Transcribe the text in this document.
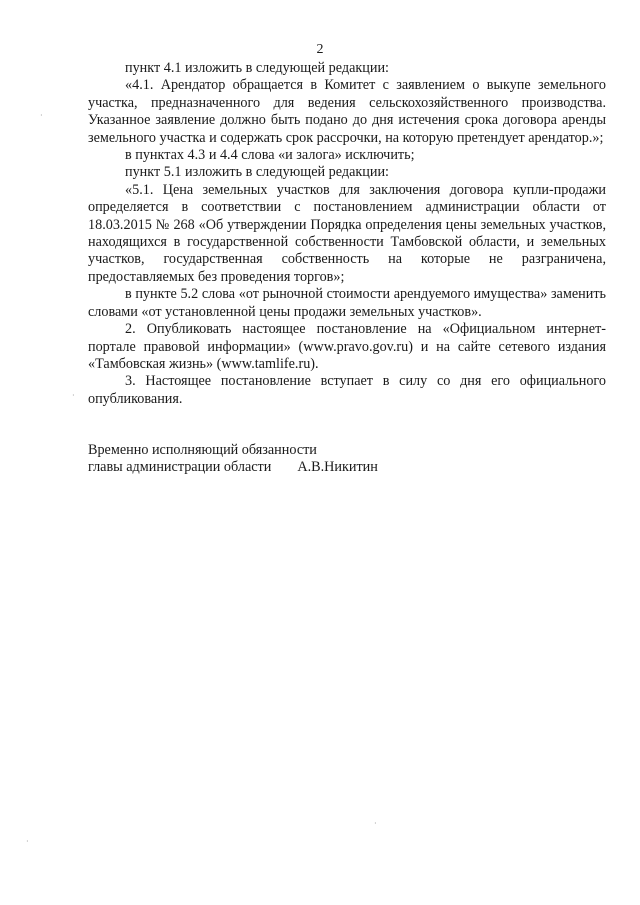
2

пункт 4.1 изложить в следующей редакции:

«4.1. Арендатор обращается в Комитет с заявлением о выкупе земельного участка, предназначенного для ведения сельскохозяйственного производства. Указанное заявление должно быть подано до дня истечения срока договора аренды земельного участка и содержать срок рассрочки, на которую претендует арендатор.»;

в пунктах 4.3 и 4.4 слова «и залога» исключить;

пункт 5.1 изложить в следующей редакции:

«5.1. Цена земельных участков для заключения договора купли-продажи определяется в соответствии с постановлением администрации области от 18.03.2015 № 268 «Об утверждении Порядка определения цены земельных участков, находящихся в государственной собственности Тамбовской области, и земельных участков, государственная собственность на которые не разграничена, предоставляемых без проведения торгов»;

в пункте 5.2 слова «от рыночной стоимости арендуемого имущества» заменить словами «от установленной цены продажи земельных участков».

2. Опубликовать настоящее постановление на «Официальном интернет-портале правовой информации» (www.pravo.gov.ru) и на сайте сетевого издания «Тамбовская жизнь» (www.tamlife.ru).

3. Настоящее постановление вступает в силу со дня его официального опубликования.

Временно исполняющий обязанности

главы администрации области А.В.Никитин

·
·
·
·
